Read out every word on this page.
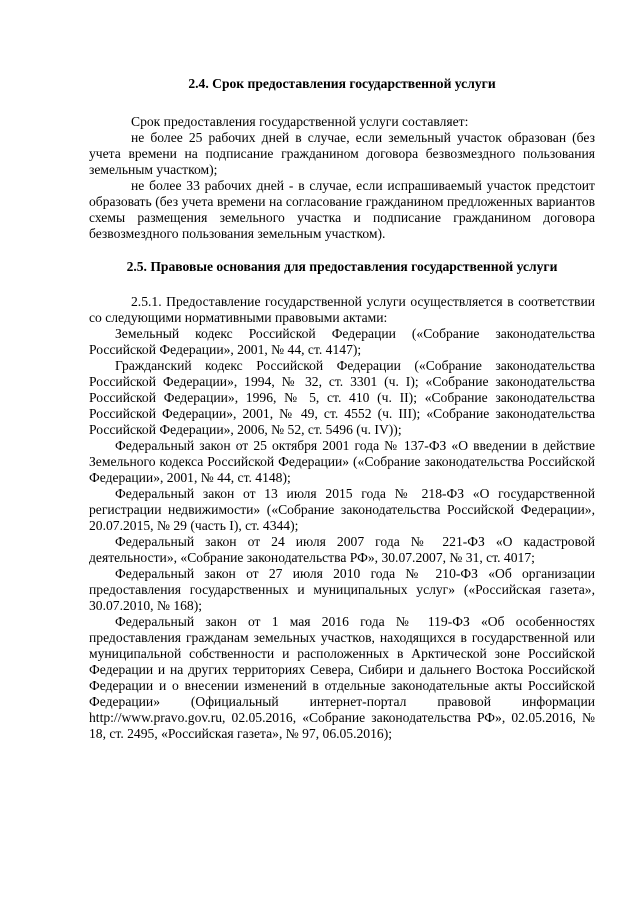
2.4. Срок предоставления государственной услуги

Срок предоставления государственной услуги составляет:

не более 25 рабочих дней в случае, если земельный участок образован (без учета времени на подписание гражданином договора безвозмездного пользования земельным участком);

не более 33 рабочих дней - в случае, если испрашиваемый участок предстоит образовать (без учета времени на согласование гражданином предложенных вариантов схемы размещения земельного участка и подписание гражданином договора безвозмездного пользования земельным участком).

2.5. Правовые основания для предоставления государственной услуги

2.5.1. Предоставление государственной услуги осуществляется в соответствии со следующими нормативными правовыми актами:

Земельный кодекс Российской Федерации («Собрание законодательства Российской Федерации», 2001, № 44, ст. 4147);

Гражданский кодекс Российской Федерации («Собрание законодательства Российской Федерации», 1994, № 32, ст. 3301 (ч. I); «Собрание законодательства Российской Федерации», 1996, № 5, ст. 410 (ч. II); «Собрание законодательства Российской Федерации», 2001, № 49, ст. 4552 (ч. III); «Собрание законодательства Российской Федерации», 2006, № 52, ст. 5496 (ч. IV));

Федеральный закон от 25 октября 2001 года № 137-ФЗ «О введении в действие Земельного кодекса Российской Федерации» («Собрание законодательства Российской Федерации», 2001, № 44, ст. 4148);

Федеральный закон от 13 июля 2015 года № 218-ФЗ «О государственной регистрации недвижимости» («Собрание законодательства Российской Федерации», 20.07.2015, № 29 (часть I), ст. 4344);

Федеральный закон от 24 июля 2007 года № 221-ФЗ «О кадастровой деятельности», «Собрание законодательства РФ», 30.07.2007, № 31, ст. 4017;

Федеральный закон от 27 июля 2010 года № 210-ФЗ «Об организации предоставления государственных и муниципальных услуг» («Российская газета», 30.07.2010, № 168);

Федеральный закон от 1 мая 2016 года № 119-ФЗ «Об особенностях предоставления гражданам земельных участков, находящихся в государственной или муниципальной собственности и расположенных в Арктической зоне Российской Федерации и на других территориях Севера, Сибири и дальнего Востока Российской Федерации и о внесении изменений в отдельные законодательные акты Российской Федерации» (Официальный интернет-портал правовой информации http://www.pravo.gov.ru, 02.05.2016, «Собрание законодательства РФ», 02.05.2016, № 18, ст. 2495, «Российская газета», № 97, 06.05.2016);
